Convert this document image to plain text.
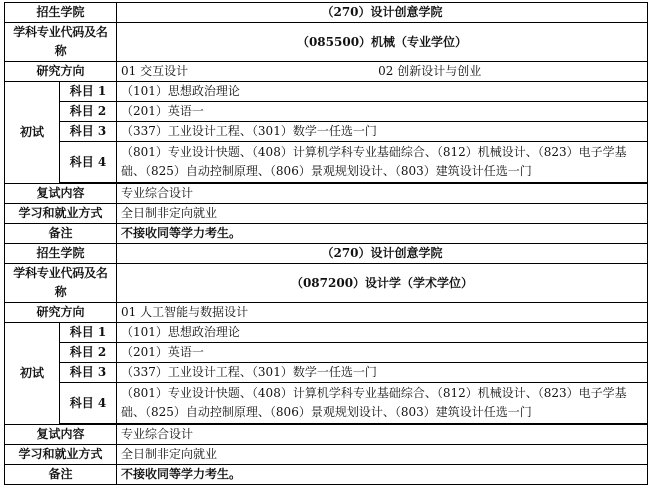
招生学院		（270）设计创意学院
学科专业代码及名称		（085500）机械（专业学位）
研究方向		01 交互设计 02 创新设计与创业
初试	科目 1	（101）思想政治理论
	科目 2	（201）英语一
	科目 3	（337）工业设计工程、（301）数学一任选一门
	科目 4	（801）专业设计快题、（408）计算机学科专业基础综合、（812）机械设计、（823）电子学基础、（825）自动控制原理、（806）景观规划设计、（803）建筑设计任选一门

复试内容		专业综合设计
学习和就业方式		全日制非定向就业
备注		不接收同等学力考生。
招生学院		（270）设计创意学院
学科专业代码及名称		（087200）设计学（学术学位）
研究方向		01 人工智能与数据设计
初试	科目 1	（101）思想政治理论
	科目 2	（201）英语一
	科目 3	（337）工业设计工程、（301）数学一任选一门
	科目 4	（801）专业设计快题、（408）计算机学科专业基础综合、（812）机械设计、（823）电子学基础、（825）自动控制原理、（806）景观规划设计、（803）建筑设计任选一门

复试内容		专业综合设计
学习和就业方式		全日制非定向就业
备注		不接收同等学力考生。
